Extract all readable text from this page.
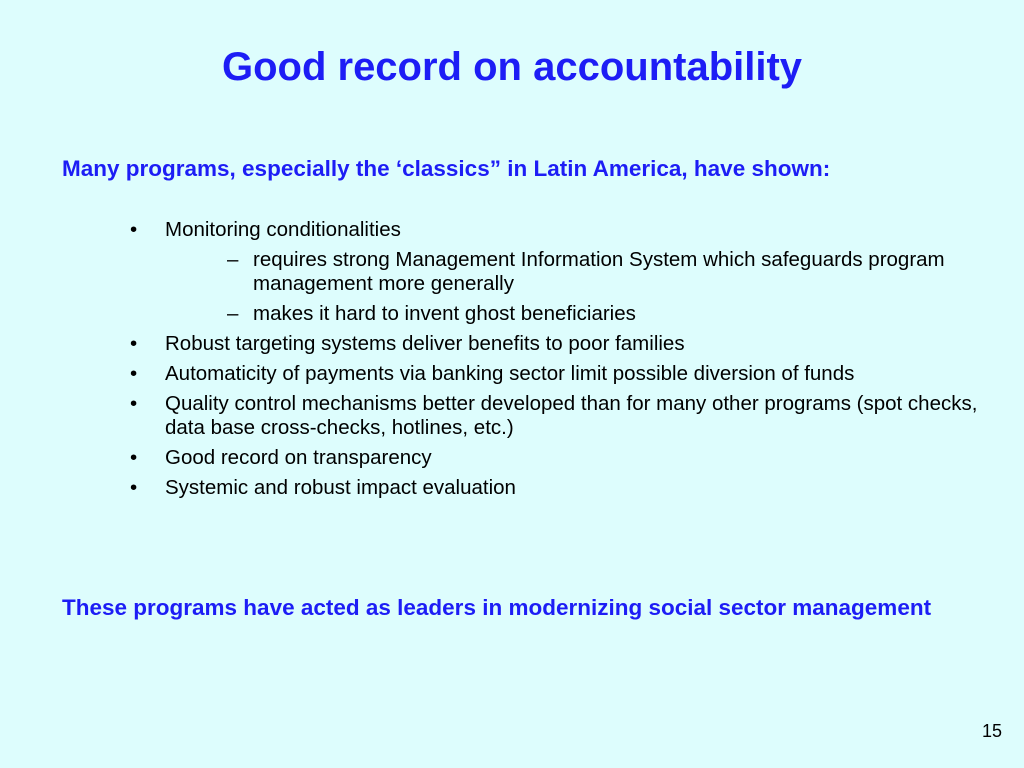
Good record on accountability
Many programs, especially the ‘classics” in Latin America, have shown:
• Monitoring conditionalities
– requires strong Management Information System which safeguards program management more generally
– makes it hard to invent ghost beneficiaries
• Robust targeting systems deliver benefits to poor families
• Automaticity of payments via banking sector limit possible diversion of funds
• Quality control mechanisms better developed than for many other programs (spot checks, data base cross-checks, hotlines, etc.)
• Good record on transparency
• Systemic and robust impact evaluation
These programs have acted as leaders in modernizing social sector management
15
